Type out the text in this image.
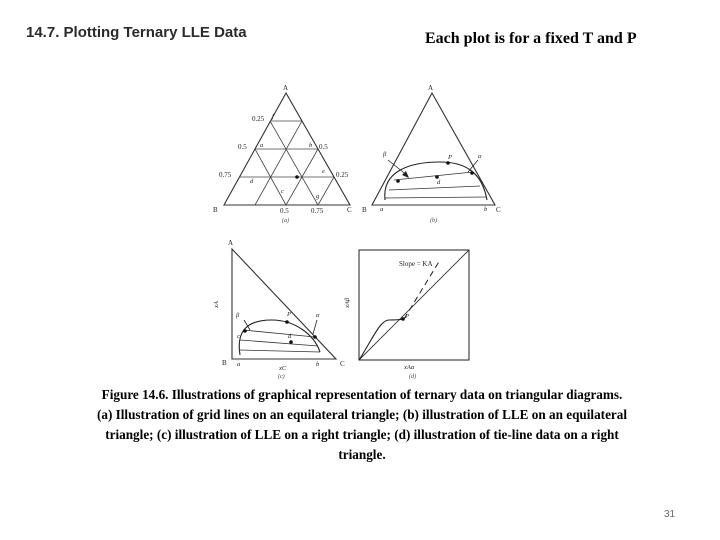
14.7. Plotting Ternary LLE Data	Each plot is for a fixed T and P
A
B	C
0.25
0.5
0.75
0.5
0.25
0.5	0.75
f
g
b
a
d
c
e
(a)
A
B	C
β	α
P
d
a	b
(b)
A
B	C
xA
xC
β	α
P
d
a	b
c
(c)
Slope = KA
P
xAβ
xAα
(d)
Figure 14.6. Illustrations of graphical representation of ternary data on triangular diagrams.
(a) Illustration of grid lines on an equilateral triangle; (b) illustration of LLE on an equilateral
triangle; (c) illustration of LLE on a right triangle; (d) illustration of tie-line data on a right
triangle.
31
